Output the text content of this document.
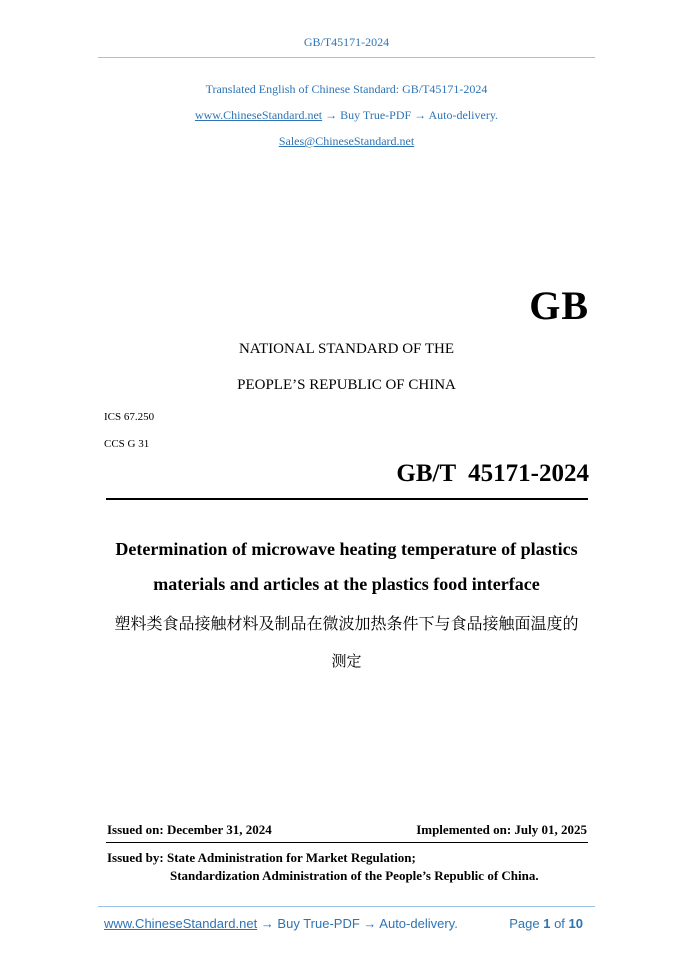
GB/T45171-2024
Translated English of Chinese Standard: GB/T45171-2024
www.ChineseStandard.net → Buy True-PDF → Auto-delivery.
Sales@ChineseStandard.net
GB
NATIONAL STANDARD OF THE
PEOPLE’S REPUBLIC OF CHINA
ICS 67.250
CCS G 31
GB/T  45171-2024
Determination of microwave heating temperature of plastics
materials and articles at the plastics food interface
塑料类食品接触材料及制品在微波加热条件下与食品接触面温度的
测定
Issued on: December 31, 2024	Implemented on: July 01, 2025
Issued by: State Administration for Market Regulation;
Standardization Administration of the People’s Republic of China.
www.ChineseStandard.net → Buy True-PDF → Auto-delivery.	Page 1 of 10
